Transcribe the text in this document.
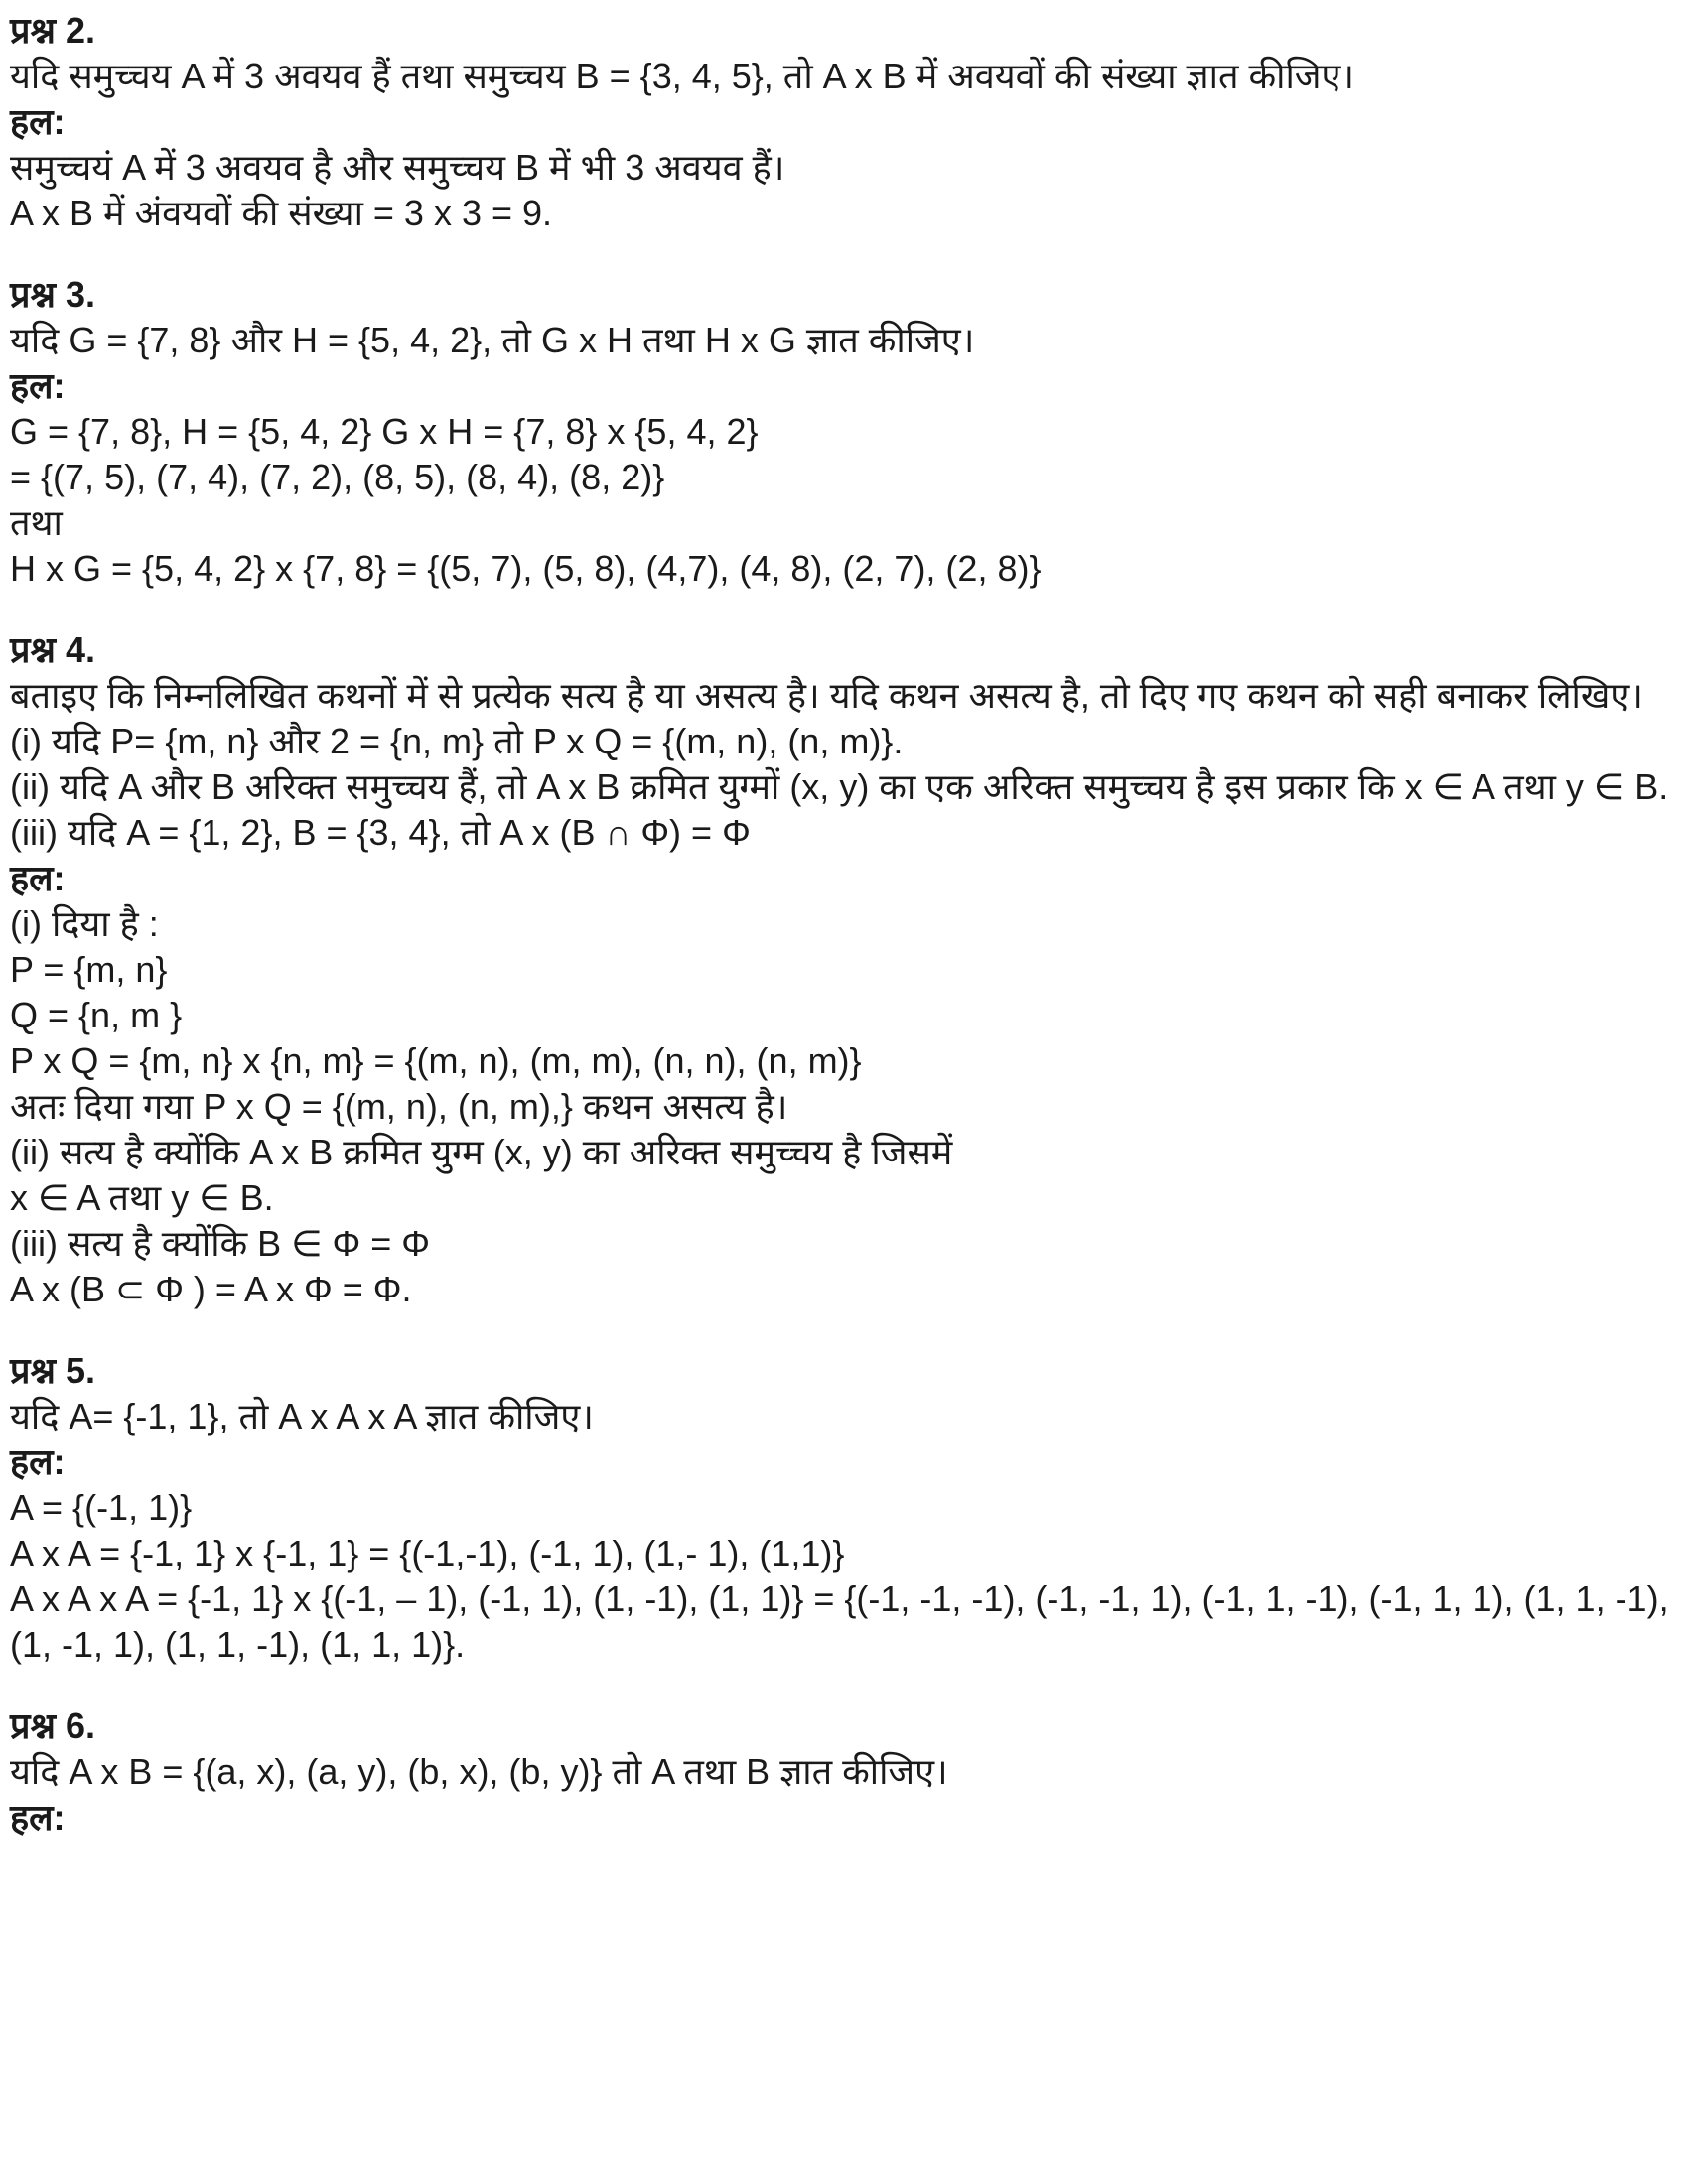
प्रश्न 2.
यदि समुच्चय A में 3 अवयव हैं तथा समुच्चय B = {3, 4, 5}, तो A x B में अवयवों की संख्या ज्ञात कीजिए।
हल:
समुच्चयं A में 3 अवयव है और समुच्चय B में भी 3 अवयव हैं।
A x B में अंवयवों की संख्या = 3 x 3 = 9.
प्रश्न 3.
यदि G = {7, 8} और H = {5, 4, 2}, तो G x H तथा H x G ज्ञात कीजिए।
हल:
G = {7, 8}, H = {5, 4, 2} G x H = {7, 8} x {5, 4, 2}
= {(7, 5), (7, 4), (7, 2), (8, 5), (8, 4), (8, 2)}
तथा
H x G = {5, 4, 2} x {7, 8} = {(5, 7), (5, 8), (4,7), (4, 8), (2, 7), (2, 8)}
प्रश्न 4.
बताइए कि निम्नलिखित कथनों में से प्रत्येक सत्य है या असत्य है। यदि कथन असत्य है, तो दिए गए कथन को सही बनाकर लिखिए।
(i) यदि P= {m, n} और 2 = {n, m} तो P x Q = {(m, n), (n, m)}.
(ii) यदि A और B अरिक्त समुच्चय हैं, तो A x B क्रमित युग्मों (x, y) का एक अरिक्त समुच्चय है इस प्रकार कि x ∈ A तथा y ∈ B.
(iii) यदि A = {1, 2}, B = {3, 4}, तो A x (B ∩ Φ) = Φ
हल:
(i) दिया है :
P = {m, n}
Q = {n, m }
P x Q = {m, n} x {n, m} = {(m, n), (m, m), (n, n), (n, m)}
अतः दिया गया P x Q = {(m, n), (n, m),} कथन असत्य है।
(ii) सत्य है क्योंकि A x B क्रमित युग्म (x, y) का अरिक्त समुच्चय है जिसमें
x ∈ A तथा y ∈ B.
(iii) सत्य है क्योंकि B ∈ Φ = Φ
A x (B ⊂ Φ ) = A x Φ = Φ.
प्रश्न 5.
यदि A= {-1, 1}, तो A x A x A ज्ञात कीजिए।
हल:
A = {(-1, 1)}
A x A = {-1, 1} x {-1, 1} = {(-1,-1), (-1, 1), (1,- 1), (1,1)}
A x A x A = {-1, 1} x {(-1, – 1), (-1, 1), (1, -1), (1, 1)} = {(-1, -1, -1), (-1, -1, 1), (-1, 1, -1), (-1, 1, 1), (1, 1, -1), (1, -1, 1), (1, 1, -1), (1, 1, 1)}.
प्रश्न 6.
यदि A x B = {(a, x), (a, y), (b, x), (b, y)} तो A तथा B ज्ञात कीजिए।
हल:
